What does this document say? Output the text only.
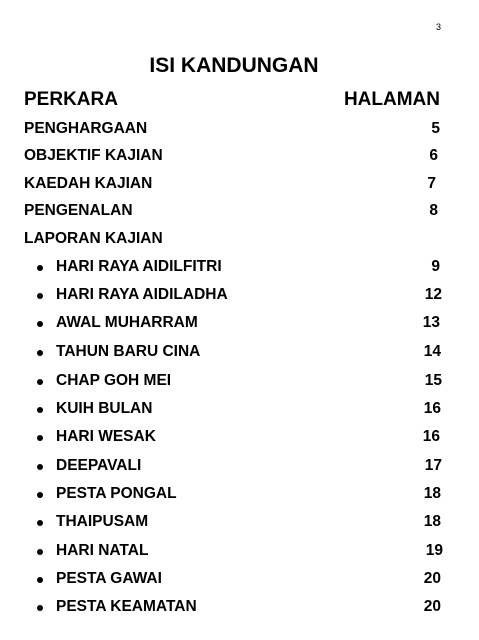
3
ISI KANDUNGAN
PERKARA	HALAMAN
PENGHARGAAN	5
OBJEKTIF KAJIAN	6
KAEDAH KAJIAN	7
PENGENALAN	8
LAPORAN KAJIAN
HARI RAYA AIDILFITRI	9
HARI RAYA AIDILADHA	12
AWAL MUHARRAM	13
TAHUN BARU CINA	14
CHAP GOH MEI	15
KUIH BULAN	16
HARI WESAK	16
DEEPAVALI	17
PESTA PONGAL	18
THAIPUSAM	18
HARI NATAL	19
PESTA GAWAI	20
PESTA KEAMATAN	20
